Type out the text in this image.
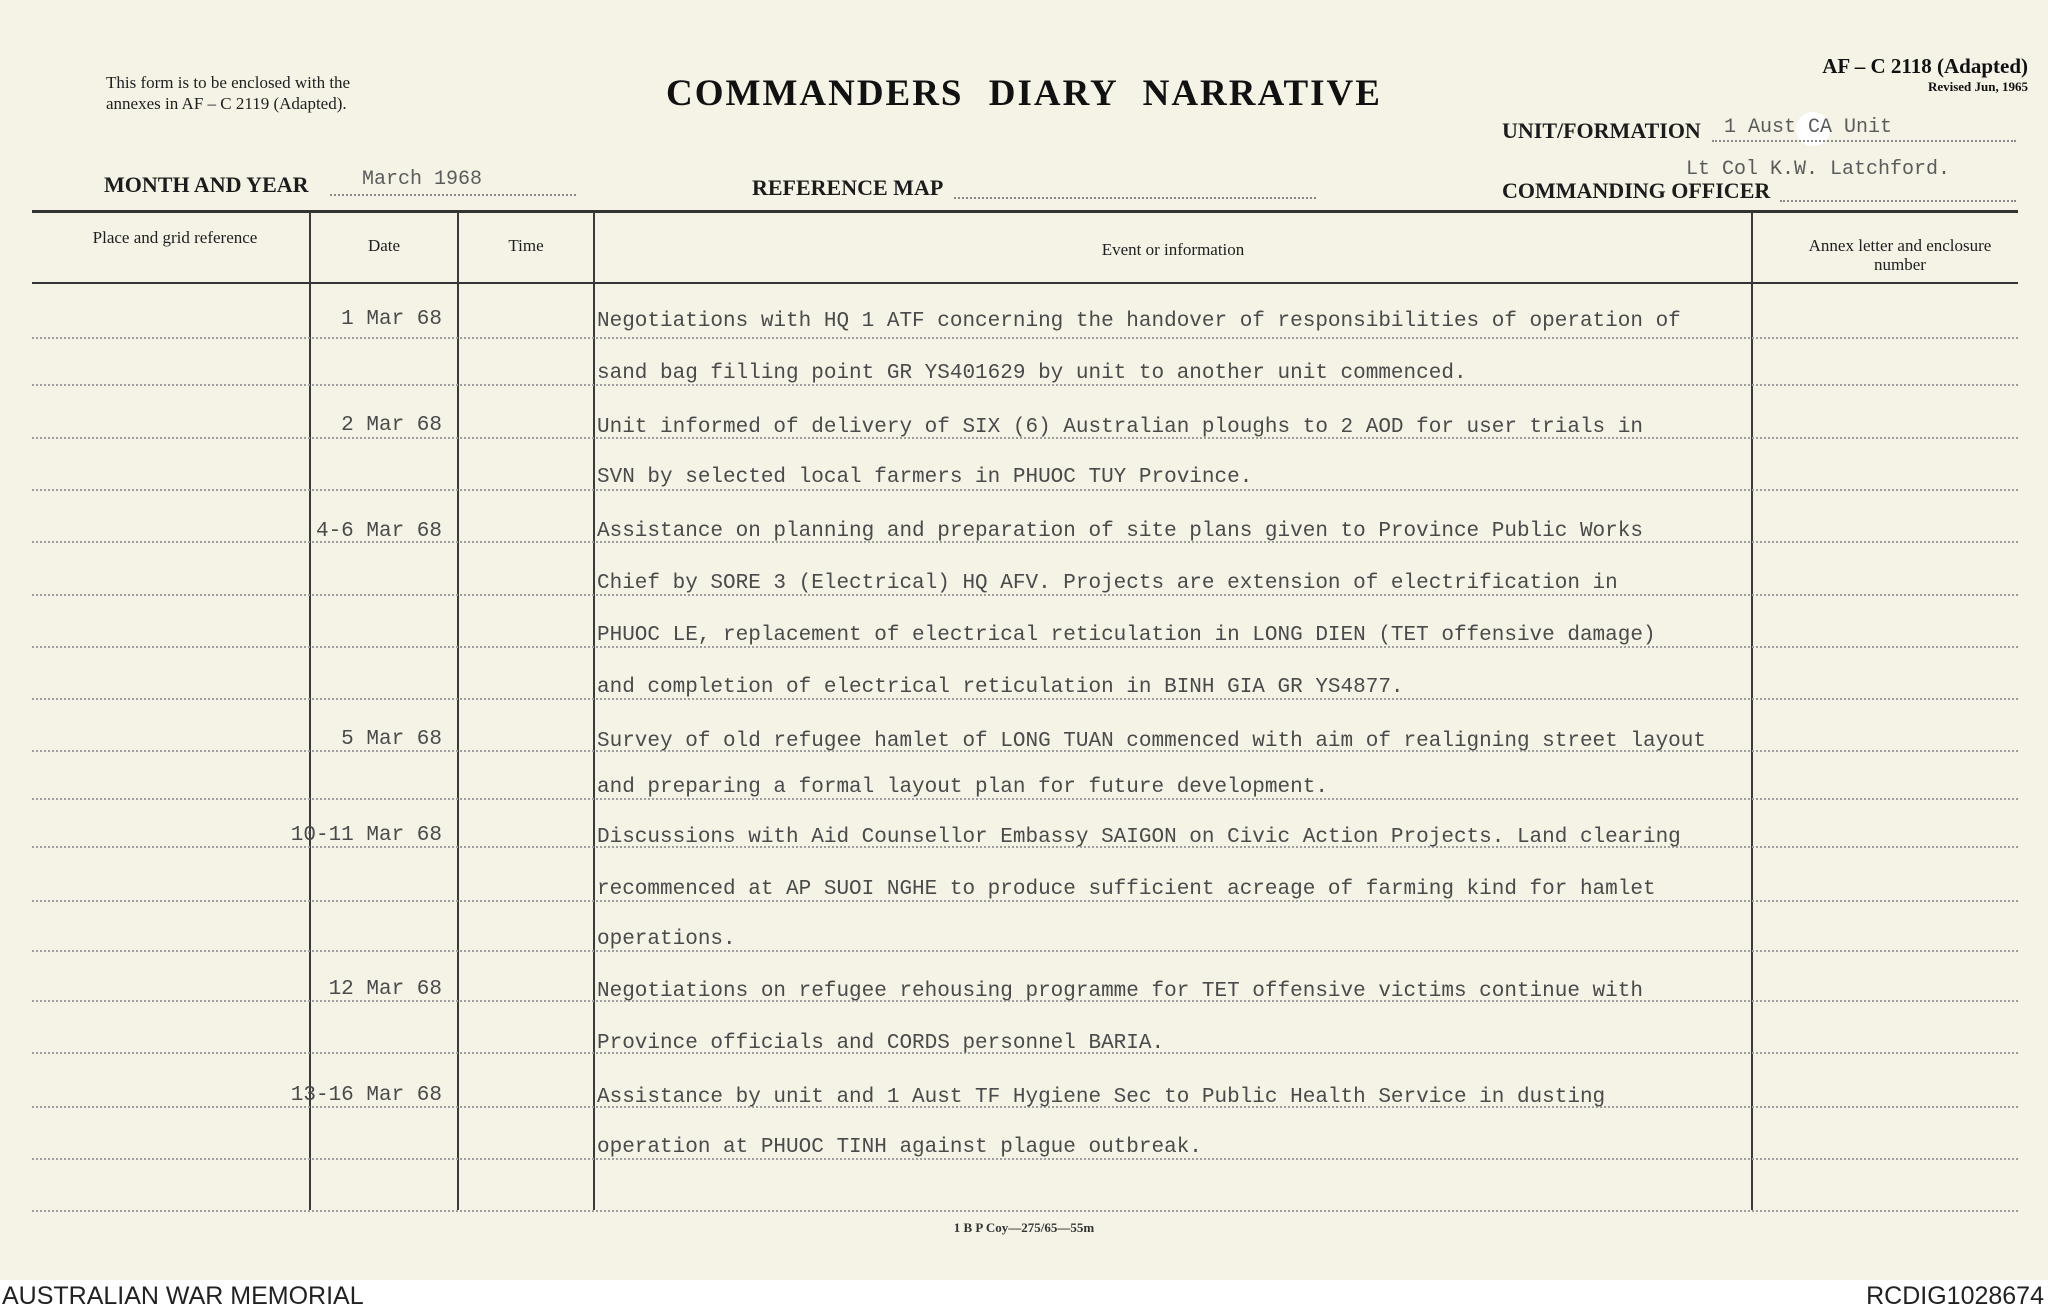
This form is to be enclosed with the
annexes in AF – C 2119 (Adapted).	COMMANDERS DIARY NARRATIVE
AF – C 2118 (Adapted)
Revised Jun, 1965
UNIT/FORMATION 1 Aust CA Unit
MONTH AND YEAR	March 1968	REFERENCE MAP
Lt Col K.W. Latchford.
COMMANDING OFFICER
Place and grid reference	Date	Time	Event or information	Annex letter and enclosure number
1 Mar 68	Negotiations with HQ 1 ATF concerning the handover of responsibilities of operation of
sand bag filling point GR YS401629 by unit to another unit commenced.
2 Mar 68	Unit informed of delivery of SIX (6) Australian ploughs to 2 AOD for user trials in
SVN by selected local farmers in PHUOC TUY Province.
4-6 Mar 68	Assistance on planning and preparation of site plans given to Province Public Works
Chief by SORE 3 (Electrical) HQ AFV. Projects are extension of electrification in
PHUOC LE, replacement of electrical reticulation in LONG DIEN (TET offensive damage)
and completion of electrical reticulation in BINH GIA GR YS4877.
5 Mar 68	Survey of old refugee hamlet of LONG TUAN commenced with aim of realigning street layout
and preparing a formal layout plan for future development.
10-11 Mar 68	Discussions with Aid Counsellor Embassy SAIGON on Civic Action Projects. Land clearing
recommenced at AP SUOI NGHE to produce sufficient acreage of farming kind for hamlet
operations.
12 Mar 68	Negotiations on refugee rehousing programme for TET offensive victims continue with
Province officials and CORDS personnel BARIA.
13-16 Mar 68	Assistance by unit and 1 Aust TF Hygiene Sec to Public Health Service in dusting
operation at PHUOC TINH against plague outbreak.
1 B P Coy—275/65—55m
AUSTRALIAN WAR MEMORIAL	RCDIG1028674
